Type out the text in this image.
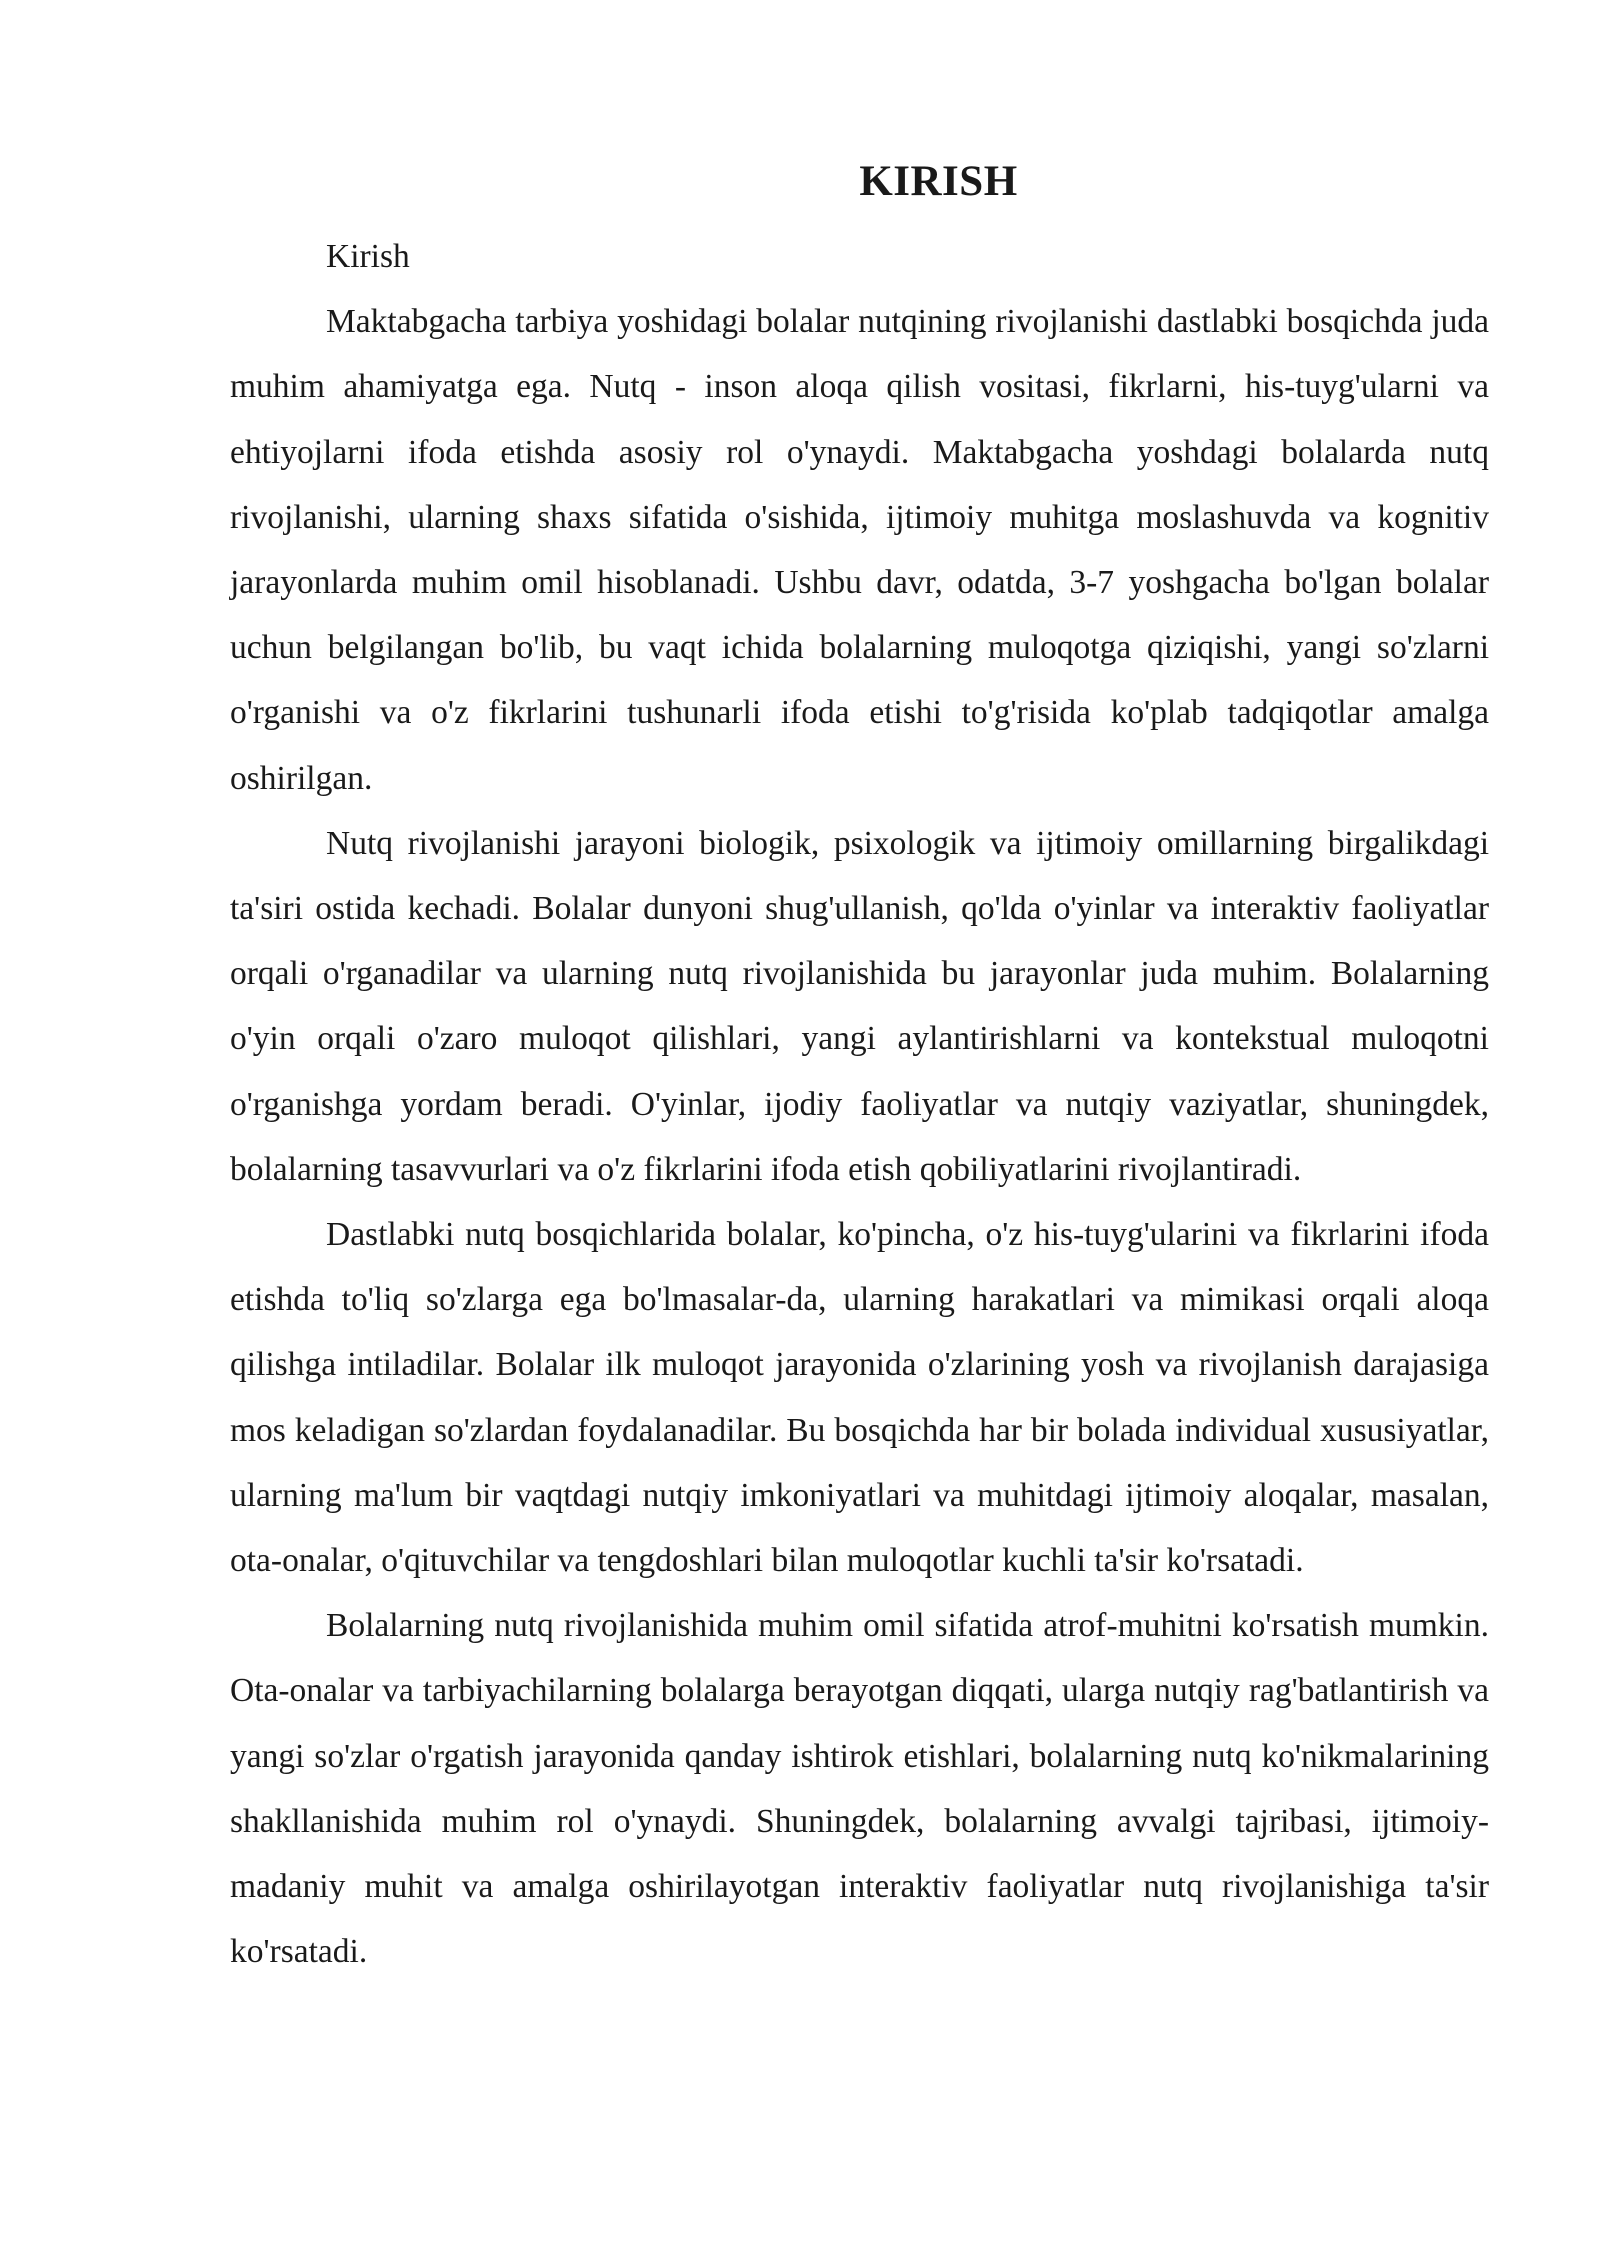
KIRISH

Kirish

Maktabgacha tarbiya yoshidagi bolalar nutqining rivojlanishi dastlabki bosqichda juda muhim ahamiyatga ega. Nutq - inson aloqa qilish vositasi, fikrlarni, his-tuyg'ularni va ehtiyojlarni ifoda etishda asosiy rol o'ynaydi. Maktabgacha yoshdagi bolalarda nutq rivojlanishi, ularning shaxs sifatida o'sishida, ijtimoiy muhitga moslashuvda va kognitiv jarayonlarda muhim omil hisoblanadi. Ushbu davr, odatda, 3-7 yoshgacha bo'lgan bolalar uchun belgilangan bo'lib, bu vaqt ichida bolalarning muloqotga qiziqishi, yangi so'zlarni o'rganishi va o'z fikrlarini tushunarli ifoda etishi to'g'risida ko'plab tadqiqotlar amalga oshirilgan.

Nutq rivojlanishi jarayoni biologik, psixologik va ijtimoiy omillarning birgalikdagi ta'siri ostida kechadi. Bolalar dunyoni shug'ullanish, qo'lda o'yinlar va interaktiv faoliyatlar orqali o'rganadilar va ularning nutq rivojlanishida bu jarayonlar juda muhim. Bolalarning o'yin orqali o'zaro muloqot qilishlari, yangi aylantirishlarni va kontekstual muloqotni o'rganishga yordam beradi. O'yinlar, ijodiy faoliyatlar va nutqiy vaziyatlar, shuningdek, bolalarning tasavvurlari va o'z fikrlarini ifoda etish qobiliyatlarini rivojlantiradi.

Dastlabki nutq bosqichlarida bolalar, ko'pincha, o'z his-tuyg'ularini va fikrlarini ifoda etishda to'liq so'zlarga ega bo'lmasalar-da, ularning harakatlari va mimikasi orqali aloqa qilishga intiladilar. Bolalar ilk muloqot jarayonida o'zlarining yosh va rivojlanish darajasiga mos keladigan so'zlardan foydalanadilar. Bu bosqichda har bir bolada individual xususiyatlar, ularning ma'lum bir vaqtdagi nutqiy imkoniyatlari va muhitdagi ijtimoiy aloqalar, masalan, ota-onalar, o'qituvchilar va tengdoshlari bilan muloqotlar kuchli ta'sir ko'rsatadi.

Bolalarning nutq rivojlanishida muhim omil sifatida atrof-muhitni ko'rsatish mumkin. Ota-onalar va tarbiyachilarning bolalarga berayotgan diqqati, ularga nutqiy rag'batlantirish va yangi so'zlar o'rgatish jarayonida qanday ishtirok etishlari, bolalarning nutq ko'nikmalarining shakllanishida muhim rol o'ynaydi. Shuningdek, bolalarning avvalgi tajribasi, ijtimoiy-madaniy muhit va amalga oshirilayotgan interaktiv faoliyatlar nutq rivojlanishiga ta'sir ko'rsatadi.
